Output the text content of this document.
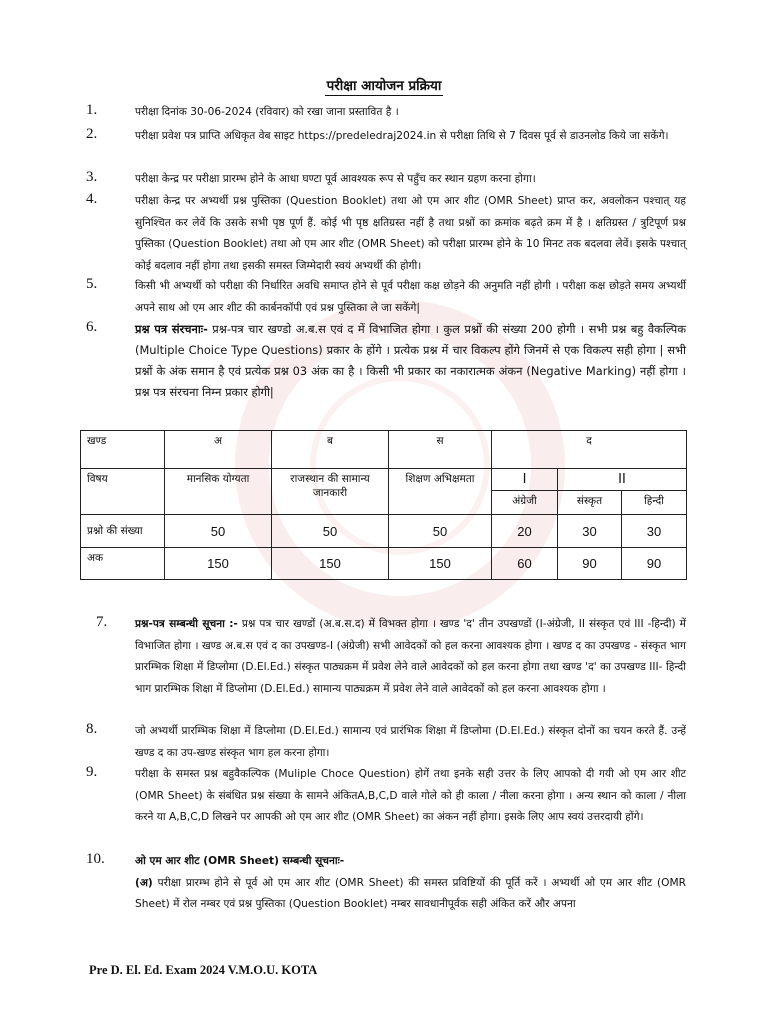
परीक्षा आयोजन प्रक्रिया
1.	परीक्षा दिनांक 30-06-2024 (रविवार) को रखा जाना प्रस्तावित है ।
2.	परीक्षा प्रवेश पत्र प्राप्ति अधिकृत वेब साइट https://predeledraj2024.in से परीक्षा तिथि से 7 दिवस पूर्व से डाउनलोड किये जा सकेंगे।
3.	परीक्षा केन्द्र पर परीक्षा प्रारम्भ होने के आधा घण्टा पूर्व आवश्यक रूप से पहुँच कर स्थान ग्रहण करना होगा।
4.	परीक्षा केन्द्र पर अभ्यर्थी प्रश्न पुस्तिका (Question Booklet) तथा ओ एम आर शीट (OMR Sheet) प्राप्त कर, अवलोकन पश्चात् यह सुनिश्चित कर लेवें कि उसके सभी पृष्ठ पूर्ण हैं. कोई भी पृष्ठ क्षतिग्रस्त नहीं है तथा प्रश्नों का क्रमांक बढ़ते क्रम में है । क्षतिग्रस्त / त्रुटिपूर्ण प्रश्न पुस्तिका (Question Booklet) तथा ओ एम आर शीट (OMR Sheet) को परीक्षा प्रारम्भ होने के 10 मिनट तक बदलवा लेवें। इसके पश्चात् कोई बदलाव नहीं होगा तथा इसकी समस्त जिम्मेदारी स्वयं अभ्यर्थी की होगी।
5.	किसी भी अभ्यर्थी को परीक्षा की निर्धारित अवधि समाप्त होने से पूर्व परीक्षा कक्ष छोड़ने की अनुमति नहीं होगी । परीक्षा कक्ष छोड़ते समय अभ्यर्थी अपने साथ ओ एम आर शीट की कार्बनकॉपी एवं प्रश्न पुस्तिका ले जा सकेंगे|
6.	प्रश्न पत्र संरचनाः- प्रश्न-पत्र चार खण्डो अ.ब.स एवं द में विभाजित होगा । कुल प्रश्नों की संख्या 200 होगी । सभी प्रश्न बहु वैकल्पिक (Multiple Choice Type Questions) प्रकार के होंगे । प्रत्येक प्रश्न में चार विकल्प होंगे जिनमें से एक विकल्प सही होगा | सभी प्रश्नों के अंक समान है एवं प्रत्येक प्रश्न 03 अंक का है । किसी भी प्रकार का नकारात्मक अंकन (Negative Marking) नहीं होगा । प्रश्न पत्र संरचना निम्न प्रकार होगी|
खण्ड	अ	ब	स	द		
विषय	मानसिक योग्यता	राजस्थान की सामान्य जानकारी	शिक्षण अभिक्षमता	I	II	
				अंग्रेजी	संस्कृत	हिन्दी
प्रश्नो की संख्या	50	50	50	20	30	30
अक	150	150	150	60	90	90
7.	प्रश्न-पत्र सम्बन्धी सूचना :- प्रश्न पत्र चार खण्डों (अ.ब.स.द) में विभक्त होगा । खण्ड 'द' तीन उपखण्डों (I-अंग्रेजी, II संस्कृत एवं III -हिन्दी) में विभाजित होगा । खण्ड अ.ब.स एवं द का उपखण्ड-I (अंग्रेजी) सभी आवेदकों को हल करना आवश्यक होगा । खण्ड द का उपखण्ड - संस्कृत भाग प्रारम्भिक शिक्षा में डिप्लोमा (D.El.Ed.) संस्कृत पाठ्यक्रम में प्रवेश लेने वाले आवेदकों को हल करना होगा तथा खण्ड 'द' का उपखण्ड III- हिन्दी भाग प्रारम्भिक शिक्षा में डिप्लोमा (D.El.Ed.) सामान्य पाठ्यक्रम में प्रवेश लेने वाले आवेदकों को हल करना आवश्यक होगा ।
8.	जो अभ्यर्थी प्रारम्भिक शिक्षा में डिप्लोमा (D.El.Ed.) सामान्य एवं प्रारंभिक शिक्षा में डिप्लोमा (D.El.Ed.) संस्कृत दोनों का चयन करते हैं. उन्हें खण्ड द का उप-खण्ड संस्कृत भाग हल करना होगा।
9.	परीक्षा के समस्त प्रश्न बहुवैकल्पिक (Muliple Choce Question) होगें तथा इनके सही उत्तर के लिए आपको दी गयी ओ एम आर शीट (OMR Sheet) के संबंधित प्रश्न संख्या के सामने अंकितA,B,C,D वाले गोले को ही काला / नीला करना होगा । अन्य स्थान को काला / नीला करने या A,B,C,D लिखने पर आपकी ओ एम आर शीट (OMR Sheet) का अंकन नहीं होगा। इसके लिए आप स्वयं उत्तरदायी होंगे।
10.	ओ एम आर शीट (OMR Sheet) सम्बन्धी सूचनाः-
(अ) परीक्षा प्रारम्भ होने से पूर्व ओ एम आर शीट (OMR Sheet) की समस्त प्रविष्टियों की पूर्ति करें । अभ्यर्थी ओ एम आर शीट (OMR Sheet) में रोल नम्बर एवं प्रश्न पुस्तिका (Question Booklet) नम्बर सावधानीपूर्वक सही अंकित करें और अपना
Pre D. El. Ed. Exam 2024 V.M.O.U. KOTA
